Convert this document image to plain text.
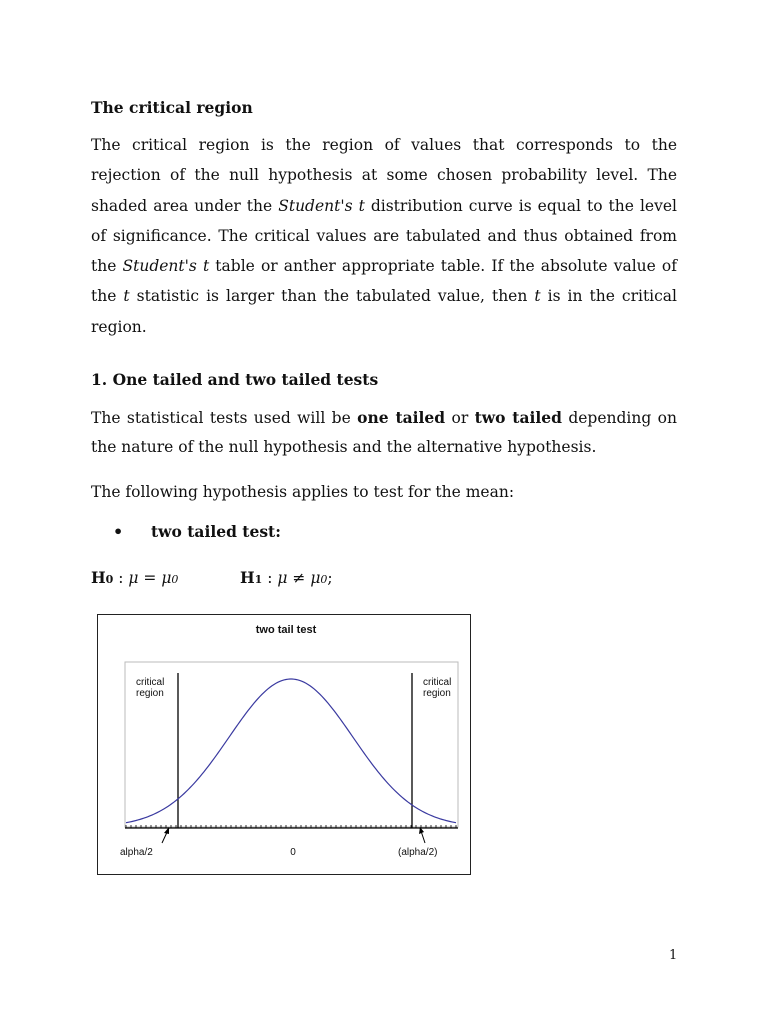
The critical region
The critical region is the region of values that corresponds to the rejection of the null hypothesis at some chosen probability level. The shaded area under the Student's t distribution curve is equal to the level of significance. The critical values are tabulated and thus obtained from the Student's t table or anther appropriate table. If the absolute value of the t statistic is larger than the tabulated value, then t is in the critical region.
1. One tailed and two tailed tests
The statistical tests used will be one tailed or two tailed depending on the nature of the null hypothesis and the alternative hypothesis.
The following hypothesis applies to test for the mean:
• two tailed test:
H0 : μ = μ0	H1 : μ ≠ μ0;
two tail test
critical
region
critical
region
alpha/2	0	(alpha/2)
1
